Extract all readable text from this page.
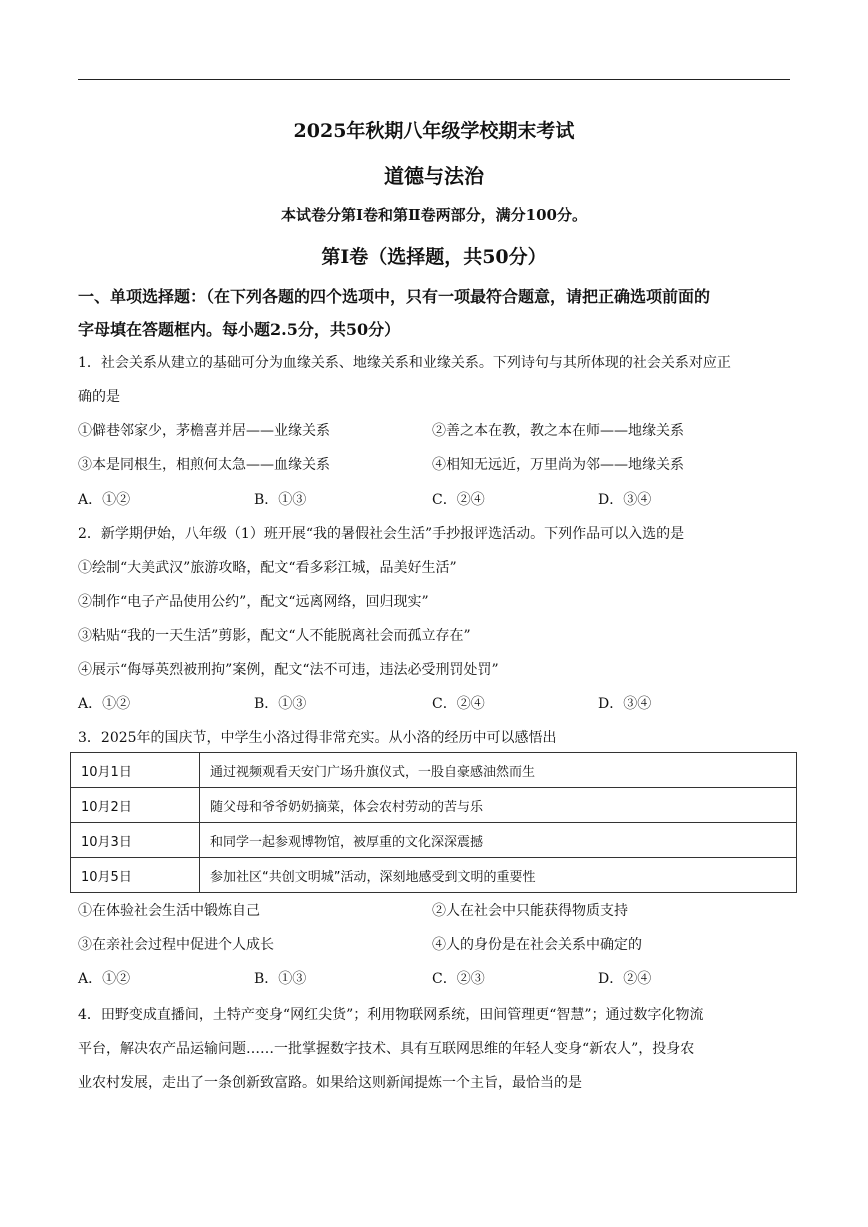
2025年秋期八年级学校期末考试
道德与法治
本试卷分第Ⅰ卷和第Ⅱ卷两部分，满分100分。
第I卷（选择题，共50分）
一、单项选择题：（在下列各题的四个选项中，只有一项最符合题意，请把正确选项前面的
字母填在答题框内。每小题2.5分，共50分）
1．社会关系从建立的基础可分为血缘关系、地缘关系和业缘关系。下列诗句与其所体现的社会关系对应正
确的是
①僻巷邻家少，茅檐喜并居——业缘关系	②善之本在教，教之本在师——地缘关系
③本是同根生，相煎何太急——血缘关系	④相知无远近，万里尚为邻——地缘关系
A．①②	B．①③	C．②④	D．③④
2．新学期伊始，八年级（1）班开展“我的暑假社会生活”手抄报评选活动。下列作品可以入选的是
①绘制“大美武汉”旅游攻略，配文“看多彩江城，品美好生活”
②制作“电子产品使用公约”，配文“远离网络，回归现实”
③粘贴“我的一天生活”剪影，配文“人不能脱离社会而孤立存在”
④展示“侮辱英烈被刑拘”案例，配文“法不可违，违法必受刑罚处罚”
A．①②	B．①③	C．②④	D．③④
3．2025年的国庆节，中学生小洛过得非常充实。从小洛的经历中可以感悟出
10月1日	通过视频观看天安门广场升旗仪式，一股自豪感油然而生
10月2日	随父母和爷爷奶奶摘菜，体会农村劳动的苦与乐
10月3日	和同学一起参观博物馆，被厚重的文化深深震撼
10月5日	参加社区“共创文明城”活动，深刻地感受到文明的重要性
①在体验社会生活中锻炼自己	②人在社会中只能获得物质支持
③在亲社会过程中促进个人成长	④人的身份是在社会关系中确定的
A．①②	B．①③	C．②③	D．②④
4．田野变成直播间，土特产变身“网红尖货”；利用物联网系统，田间管理更“智慧”；通过数字化物流
平台，解决农产品运输问题……一批掌握数字技术、具有互联网思维的年轻人变身“新农人”，投身农
业农村发展，走出了一条创新致富路。如果给这则新闻提炼一个主旨，最恰当的是
